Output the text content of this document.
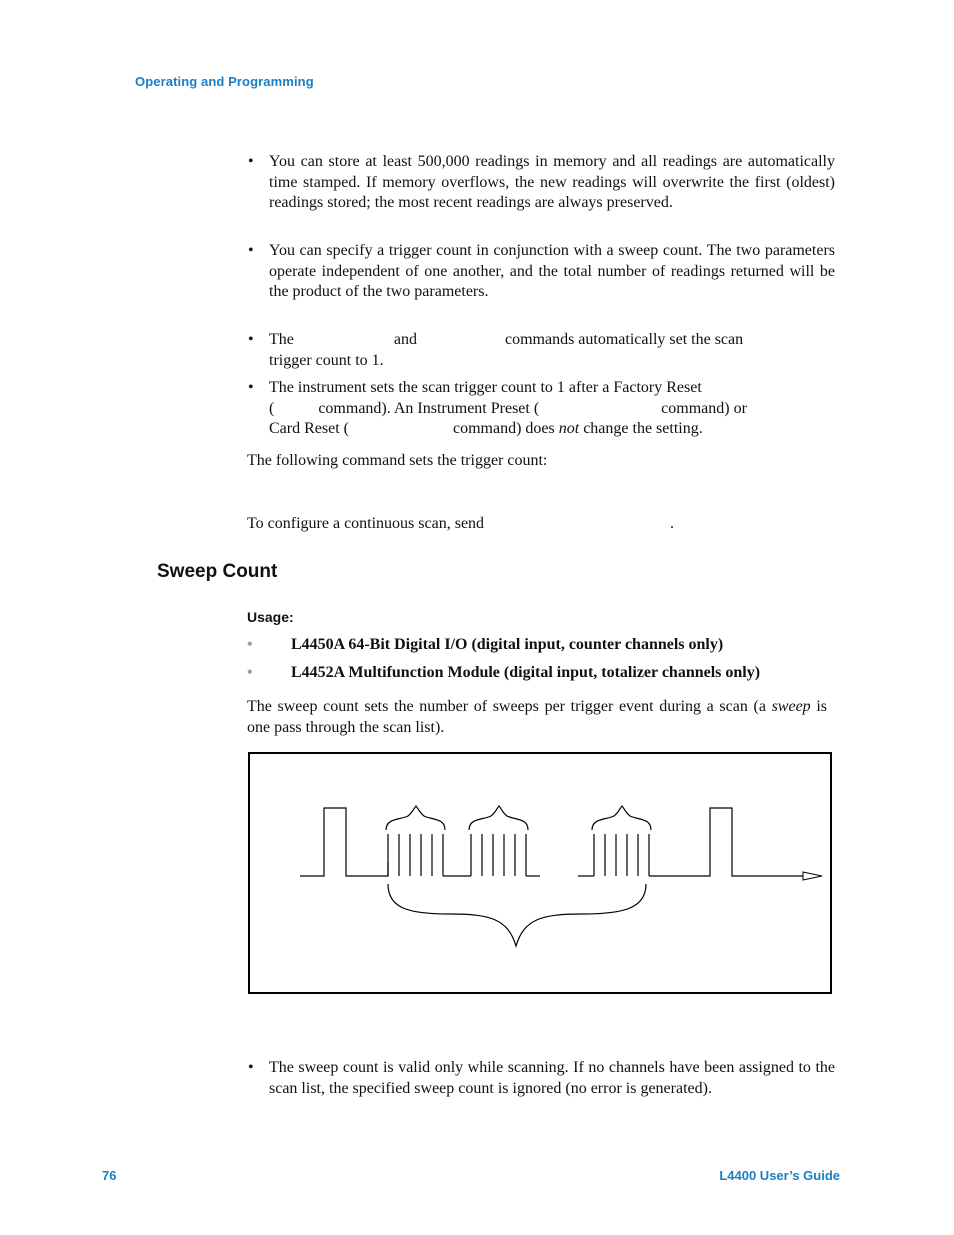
Operating and Programming
• You can store at least 500,000 readings in memory and all readings are automatically time stamped. If memory overflows, the new readings will overwrite the first (oldest) readings stored; the most recent readings are always preserved.
• You can specify a trigger count in conjunction with a sweep count. The two parameters operate independent of one another, and the total number of readings returned will be the product of the two parameters.
• The	and	commands automatically set the scan
trigger count to 1.
• The instrument sets the scan trigger count to 1 after a Factory Reset
(	command). An Instrument Preset (	command) or
Card Reset (	command) does not change the setting.
The following command sets the trigger count:
To configure a continuous scan, send	.
Sweep Count
Usage:
• L4450A 64-Bit Digital I/O (digital input, counter channels only)
• L4452A Multifunction Module (digital input, totalizer channels only)
The sweep count sets the number of sweeps per trigger event during a scan (a sweep is one pass through the scan list).
• The sweep count is valid only while scanning. If no channels have been assigned to the scan list, the specified sweep count is ignored (no error is generated).
76	L4400 User’s Guide
